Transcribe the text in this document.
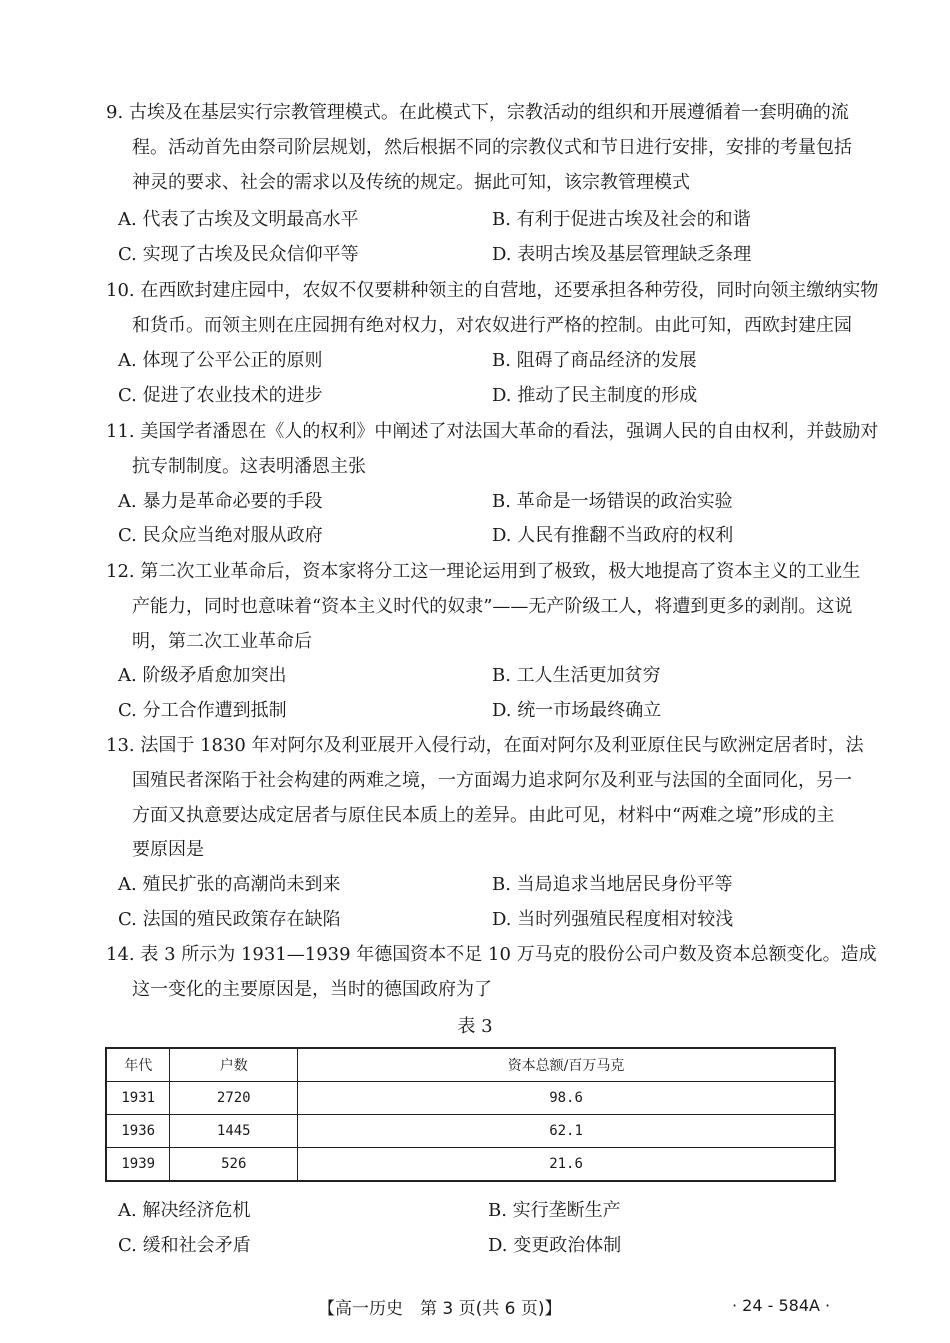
9. 古埃及在基层实行宗教管理模式。在此模式下，宗教活动的组织和开展遵循着一套明确的流
程。活动首先由祭司阶层规划，然后根据不同的宗教仪式和节日进行安排，安排的考量包括
神灵的要求、社会的需求以及传统的规定。据此可知，该宗教管理模式
A. 代表了古埃及文明最高水平	B. 有利于促进古埃及社会的和谐
C. 实现了古埃及民众信仰平等	D. 表明古埃及基层管理缺乏条理
10. 在西欧封建庄园中，农奴不仅要耕种领主的自营地，还要承担各种劳役，同时向领主缴纳实物
和货币。而领主则在庄园拥有绝对权力，对农奴进行严格的控制。由此可知，西欧封建庄园
A. 体现了公平公正的原则	B. 阻碍了商品经济的发展
C. 促进了农业技术的进步	D. 推动了民主制度的形成
11. 美国学者潘恩在《人的权利》中阐述了对法国大革命的看法，强调人民的自由权利，并鼓励对
抗专制制度。这表明潘恩主张
A. 暴力是革命必要的手段	B. 革命是一场错误的政治实验
C. 民众应当绝对服从政府	D. 人民有推翻不当政府的权利
12. 第二次工业革命后，资本家将分工这一理论运用到了极致，极大地提高了资本主义的工业生
产能力，同时也意味着“资本主义时代的奴隶”——无产阶级工人，将遭到更多的剥削。这说
明，第二次工业革命后
A. 阶级矛盾愈加突出	B. 工人生活更加贫穷
C. 分工合作遭到抵制	D. 统一市场最终确立
13. 法国于 1830 年对阿尔及利亚展开入侵行动，在面对阿尔及利亚原住民与欧洲定居者时，法
国殖民者深陷于社会构建的两难之境，一方面竭力追求阿尔及利亚与法国的全面同化，另一
方面又执意要达成定居者与原住民本质上的差异。由此可见，材料中“两难之境”形成的主
要原因是
A. 殖民扩张的高潮尚未到来	B. 当局追求当地居民身份平等
C. 法国的殖民政策存在缺陷	D. 当时列强殖民程度相对较浅
14. 表 3 所示为 1931—1939 年德国资本不足 10 万马克的股份公司户数及资本总额变化。造成
这一变化的主要原因是，当时的德国政府为了
表 3
年代	户数	资本总额/百万马克
1931	2720	98.6
1936	1445	62.1
1939	526	21.6
A. 解决经济危机	B. 实行垄断生产
C. 缓和社会矛盾	D. 变更政治体制
【高一历史　第 3 页(共 6 页)】	· 24 - 584A ·
